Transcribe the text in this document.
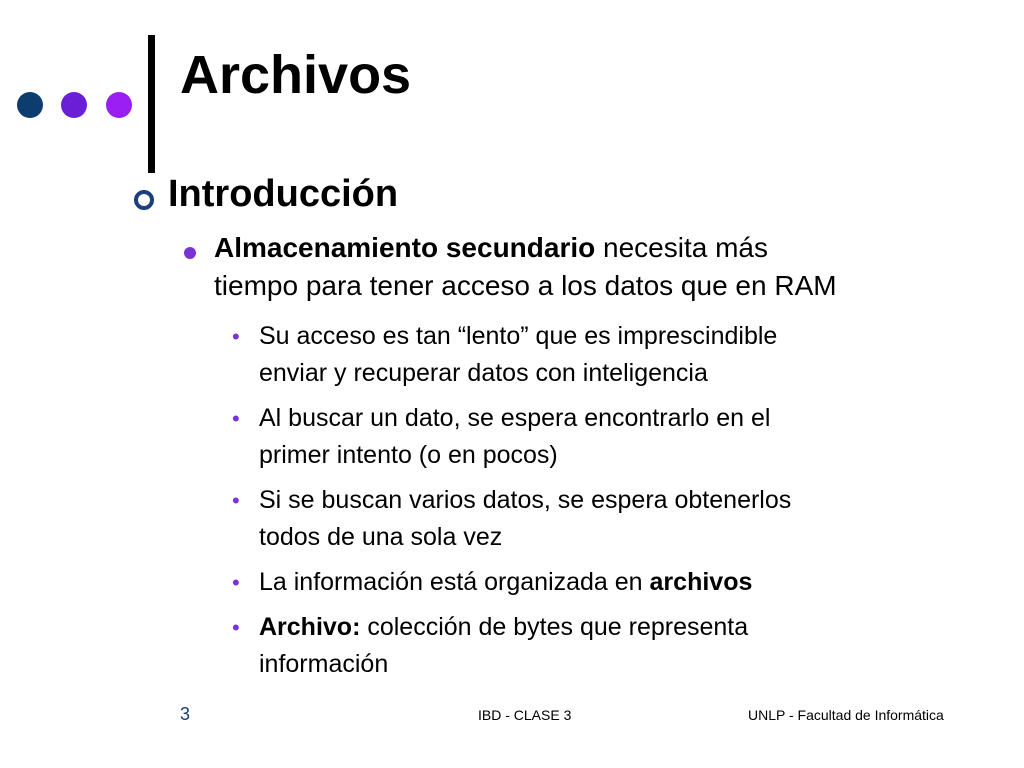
Archivos
Introducción
Almacenamiento secundario necesita más
tiempo para tener acceso a los datos que en RAM
• Su acceso es tan “lento” que es imprescindible
enviar y recuperar datos con inteligencia
• Al buscar un dato, se espera encontrarlo en el
primer intento (o en pocos)
• Si se buscan varios datos, se espera obtenerlos
todos de una sola vez
• La información está organizada en archivos
• Archivo: colección de bytes que representa
información
3	IBD - CLASE 3	UNLP - Facultad de Informática
